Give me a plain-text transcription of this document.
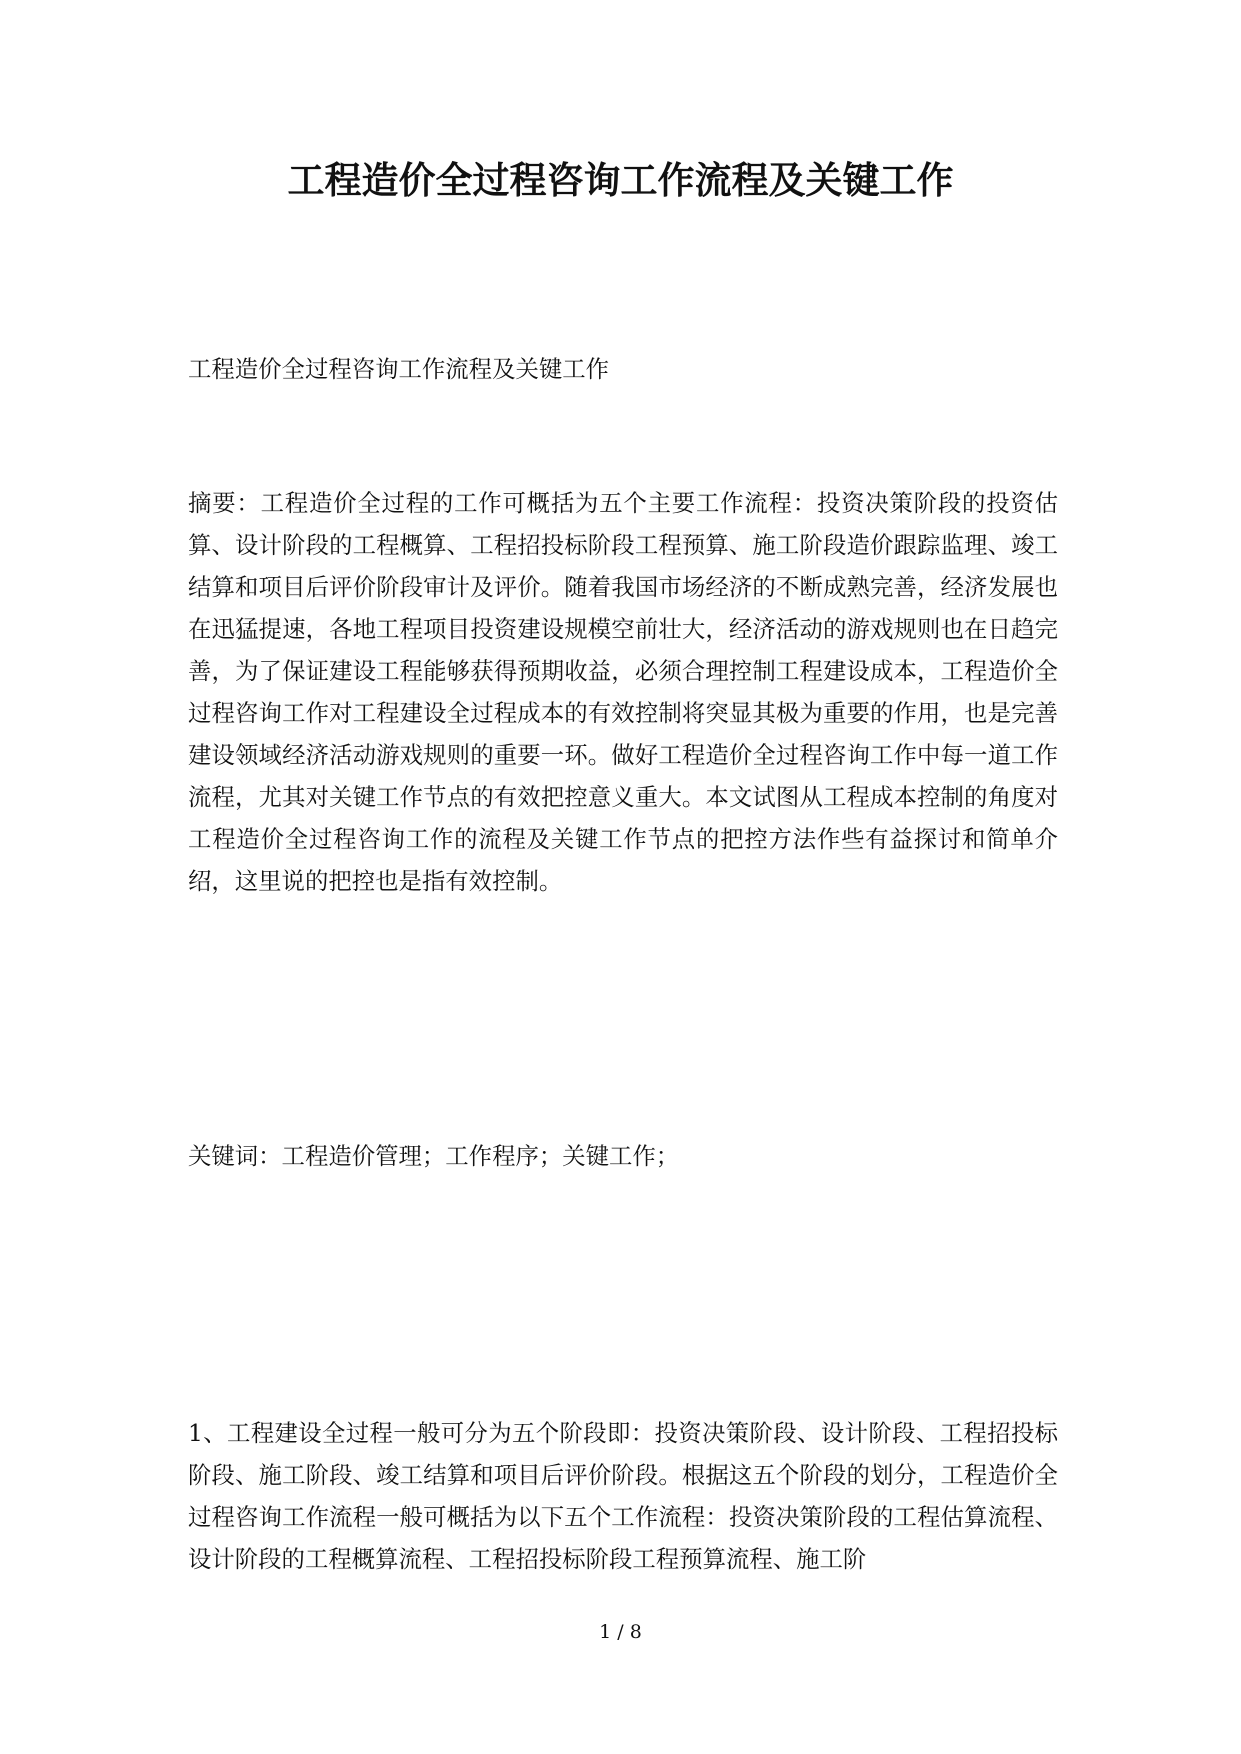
工程造价全过程咨询工作流程及关键工作

工程造价全过程咨询工作流程及关键工作

摘要：工程造价全过程的工作可概括为五个主要工作流程：投资决策阶段的投资估算、设计阶段的工程概算、工程招投标阶段工程预算、施工阶段造价跟踪监理、竣工结算和项目后评价阶段审计及评价。随着我国市场经济的不断成熟完善，经济发展也在迅猛提速，各地工程项目投资建设规模空前壮大，经济活动的游戏规则也在日趋完善，为了保证建设工程能够获得预期收益，必须合理控制工程建设成本，工程造价全过程咨询工作对工程建设全过程成本的有效控制将突显其极为重要的作用，也是完善建设领域经济活动游戏规则的重要一环。做好工程造价全过程咨询工作中每一道工作流程，尤其对关键工作节点的有效把控意义重大。本文试图从工程成本控制的角度对工程造价全过程咨询工作的流程及关键工作节点的把控方法作些有益探讨和简单介绍，这里说的把控也是指有效控制。

关键词：工程造价管理；工作程序；关键工作；

1、工程建设全过程一般可分为五个阶段即：投资决策阶段、设计阶段、工程招投标阶段、施工阶段、竣工结算和项目后评价阶段。根据这五个阶段的划分，工程造价全过程咨询工作流程一般可概括为以下五个工作流程：投资决策阶段的工程估算流程、设计阶段的工程概算流程、工程招投标阶段工程预算流程、施工阶

1 / 8
